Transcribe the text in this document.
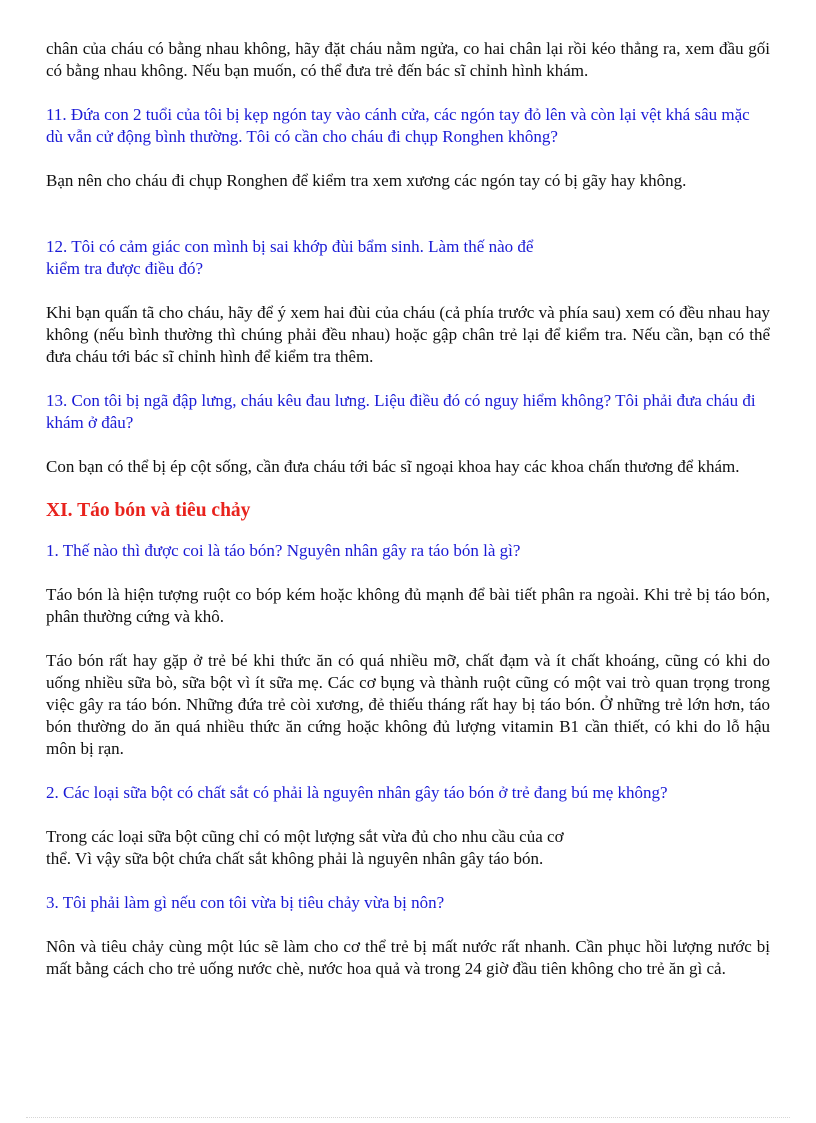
chân của cháu có bằng nhau không, hãy đặt cháu nằm ngửa, co hai chân lại rồi kéo thẳng ra, xem đầu gối có bằng nhau không. Nếu bạn muốn, có thể đưa trẻ đến bác sĩ chỉnh hình khám.

11. Đứa con 2 tuổi của tôi bị kẹp ngón tay vào cánh cửa, các ngón tay đỏ lên và còn lại vệt khá sâu mặc dù vẫn cử động bình thường. Tôi có cần cho cháu đi chụp Ronghen không?

Bạn nên cho cháu đi chụp Ronghen để kiểm tra xem xương các ngón tay có bị gãy hay không.

12. Tôi có cảm giác con mình bị sai khớp đùi bẩm sinh. Làm thế nào để
kiểm tra được điều đó?

Khi bạn quấn tã cho cháu, hãy để ý xem hai đùi của cháu (cả phía trước và phía sau) xem có đều nhau hay không (nếu bình thường thì chúng phải đều nhau) hoặc gập chân trẻ lại để kiểm tra. Nếu cần, bạn có thể đưa cháu tới bác sĩ chỉnh hình để kiểm tra thêm.

13. Con tôi bị ngã đập lưng, cháu kêu đau lưng. Liệu điều đó có nguy hiểm không? Tôi phải đưa cháu đi khám ở đâu?

Con bạn có thể bị ép cột sống, cần đưa cháu tới bác sĩ ngoại khoa hay các khoa chấn thương để khám.

XI. Táo bón và tiêu chảy

1. Thế nào thì được coi là táo bón? Nguyên nhân gây ra táo bón là gì?

Táo bón là hiện tượng ruột co bóp kém hoặc không đủ mạnh để bài tiết phân ra ngoài. Khi trẻ bị táo bón, phân thường cứng và khô.

Táo bón rất hay gặp ở trẻ bé khi thức ăn có quá nhiều mỡ, chất đạm và ít chất khoáng, cũng có khi do uống nhiều sữa bò, sữa bột vì ít sữa mẹ. Các cơ bụng và thành ruột cũng có một vai trò quan trọng trong việc gây ra táo bón. Những đứa trẻ còi xương, đẻ thiếu tháng rất hay bị táo bón. Ở những trẻ lớn hơn, táo bón thường do ăn quá nhiều thức ăn cứng hoặc không đủ lượng vitamin B1 cần thiết, có khi do lỗ hậu môn bị rạn.

2. Các loại sữa bột có chất sắt có phải là nguyên nhân gây táo bón ở trẻ đang bú mẹ không?

Trong các loại sữa bột cũng chỉ có một lượng sắt vừa đủ cho nhu cầu của cơ
thể. Vì vậy sữa bột chứa chất sắt không phải là nguyên nhân gây táo bón.

3. Tôi phải làm gì nếu con tôi vừa bị tiêu chảy vừa bị nôn?

Nôn và tiêu chảy cùng một lúc sẽ làm cho cơ thể trẻ bị mất nước rất nhanh. Cần phục hồi lượng nước bị mất bằng cách cho trẻ uống nước chè, nước hoa quả và trong 24 giờ đầu tiên không cho trẻ ăn gì cả.
